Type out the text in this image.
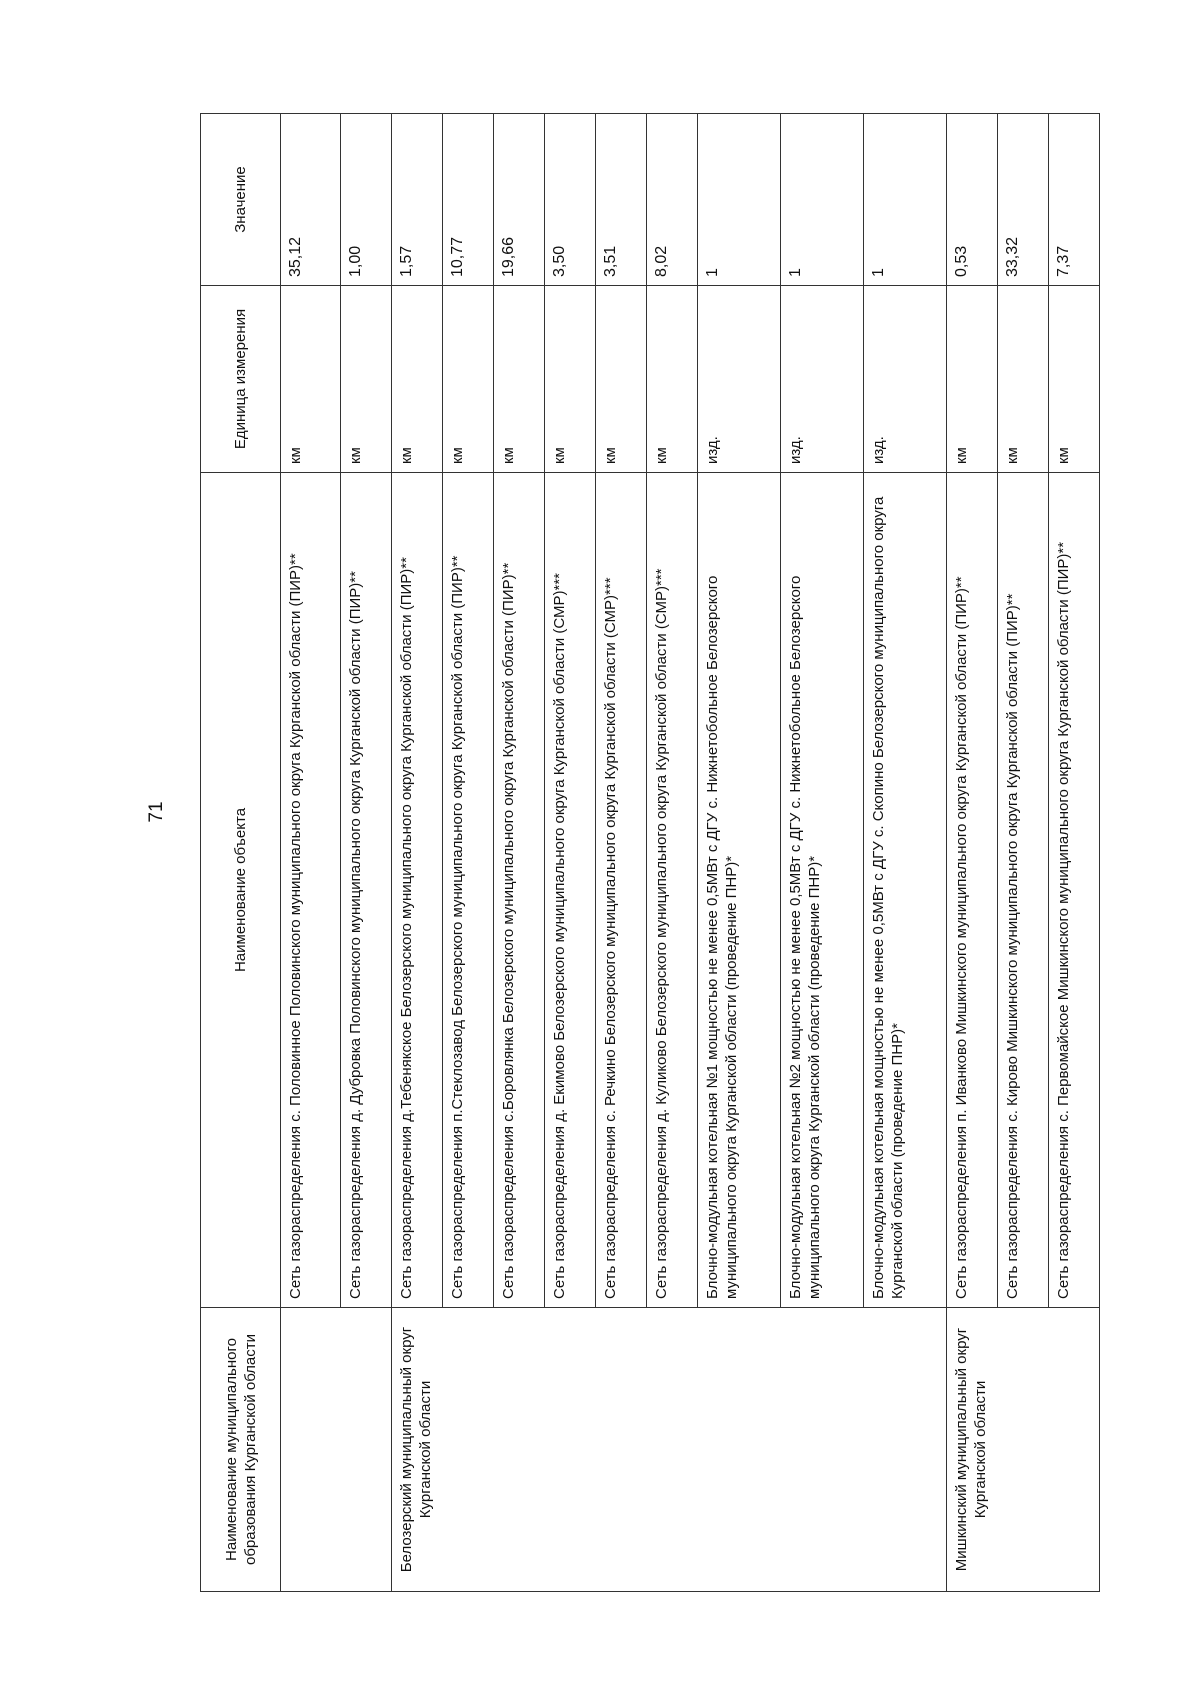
71
Наименование муниципального образования Курганской области	Наименование объекта	Единица измерения	Значение
	Сеть газораспределения с. Половинное Половинского муниципального округа Курганской области (ПИР)**	км	35,12
	Сеть газораспределения д. Дубровка Половинского муниципального округа Курганской области (ПИР)**	км	1,00
Белозерский муниципальный округ Курганской области	Сеть газораспределения д.Тебенякское Белозерского муниципального округа Курганской области (ПИР)**	км	1,57
	Сеть газораспределения п.Стеклозавод Белозерского муниципального округа Курганской области (ПИР)**	км	10,77
	Сеть газораспределения с.Боровлянка Белозерского муниципального округа Курганской области (ПИР)**	км	19,66
	Сеть газораспределения д. Екимово Белозерского муниципального округа Курганской области (СМР)***	км	3,50
	Сеть газораспределения с. Речкино Белозерского муниципального округа Курганской области (СМР)***	км	3,51
	Сеть газораспределения д. Куликово Белозерского муниципального округа Курганской области (СМР)***	км	8,02
	Блочно-модульная котельная №1 мощностью не менее 0,5МВт с ДГУ с. Нижнетобольное Белозерского муниципального округа Курганской области (проведение ПНР)*	изд.	1
	Блочно-модульная котельная №2 мощностью не менее 0,5МВт с ДГУ с. Нижнетобольное Белозерского муниципального округа Курганской области (проведение ПНР)*	изд.	1
	Блочно-модульная котельная мощностью не менее 0,5МВт с ДГУ с. Скопино Белозерского муниципального округа Курганской области (проведение ПНР)*	изд.	1
Мишкинский муниципальный округ Курганской области	Сеть газораспределения п. Иванково Мишкинского муниципального округа Курганской области (ПИР)**	км	0,53
	Сеть газораспределения с. Кирово Мишкинского муниципального округа Курганской области (ПИР)**	км	33,32
	Сеть газораспределения с. Первомайское Мишкинского муниципального округа Курганской области (ПИР)**	км	7,37
